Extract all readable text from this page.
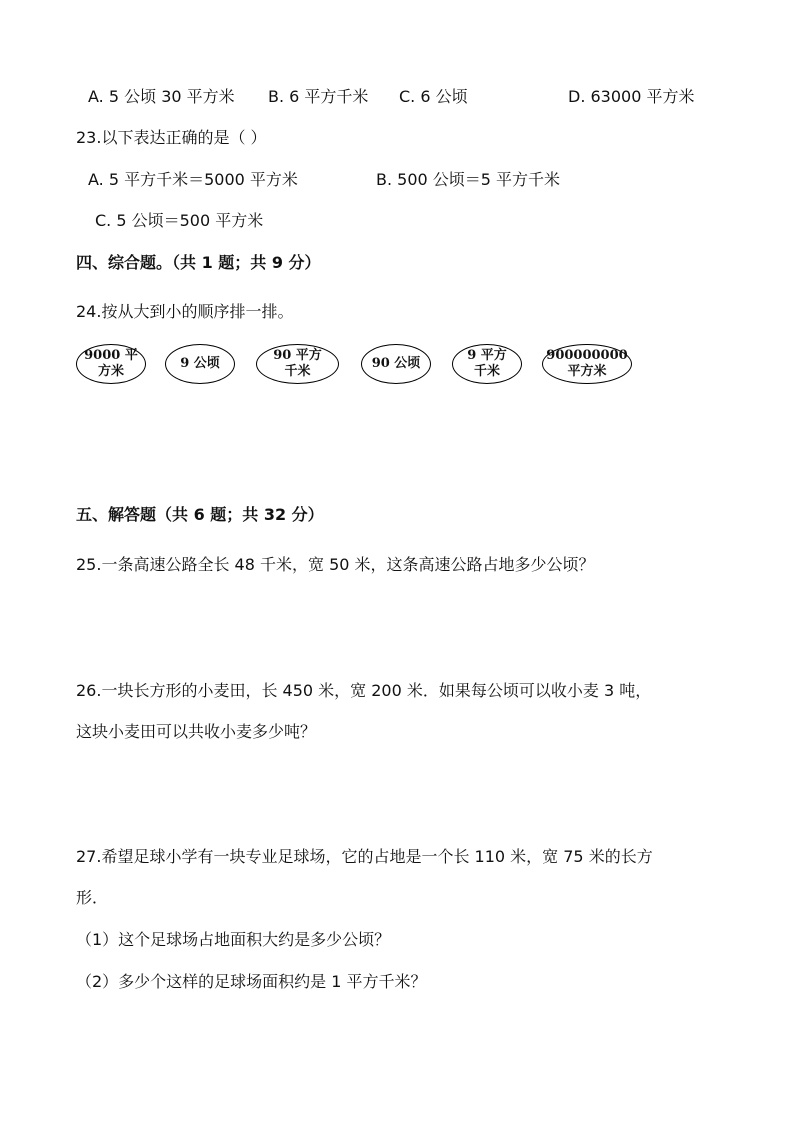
A. 5 公顷 30 平方米 B. 6 平方千米 C. 6 公顷	D. 63000 平方米
23.以下表达正确的是（ ）
A. 5 平方千米＝5000 平方米	B. 500 公顷＝5 平方千米
C. 5 公顷＝500 平方米
四、综合题。（共 1 题；共 9 分）
24.按从大到小的顺序排一排。
9000 平
方米
9 公顷
90 平方
千米
90 公顷
9 平方
千米
900000000
平方米
五、解答题（共 6 题；共 32 分）
25.一条高速公路全长 48 千米，宽 50 米，这条高速公路占地多少公顷？
26.一块长方形的小麦田，长 450 米，宽 200 米．如果每公顷可以收小麦 3 吨，
这块小麦田可以共收小麦多少吨？
27.希望足球小学有一块专业足球场，它的占地是一个长 110 米，宽 75 米的长方
形．
（1）这个足球场占地面积大约是多少公顷？
（2）多少个这样的足球场面积约是 1 平方千米？
